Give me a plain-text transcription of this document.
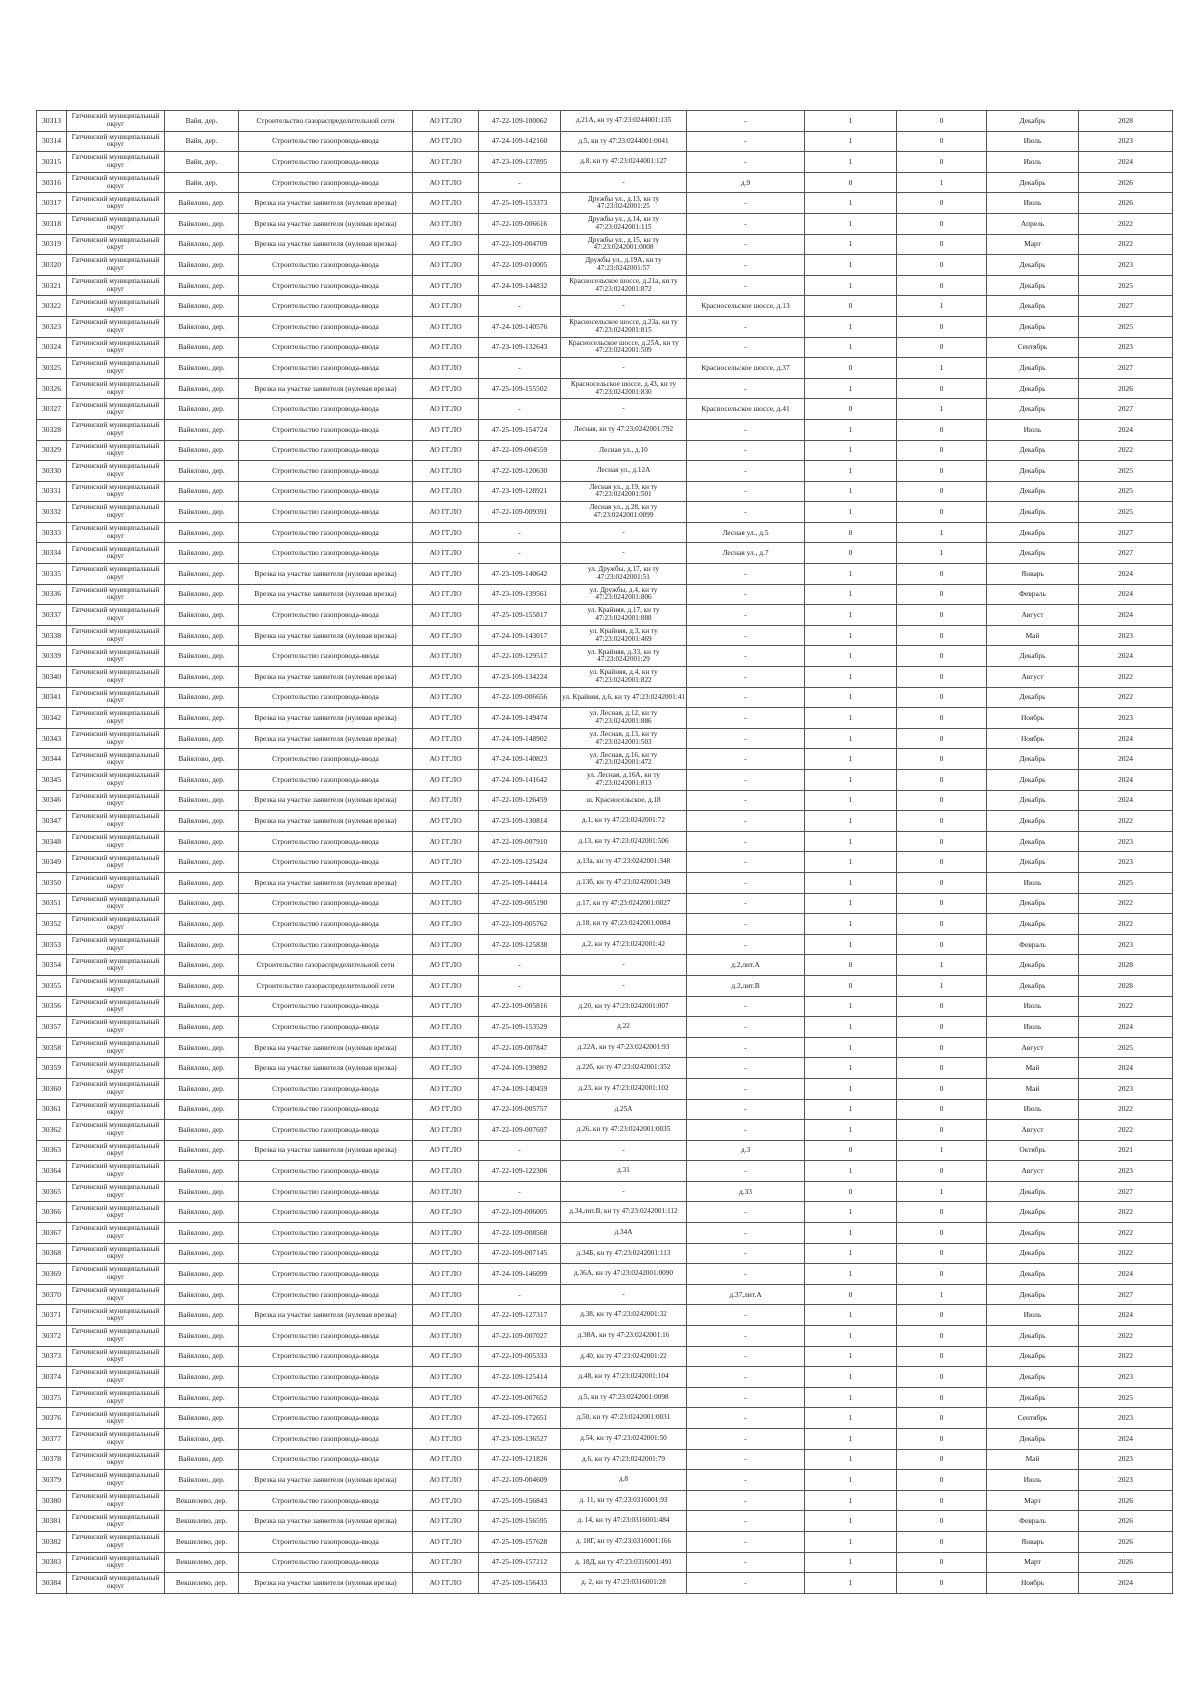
30313	Гатчинский муниципальный округ	Вайя, дер.	Строительство газораспределительной сети	АО ГГ.ЛО	47-22-109-100062	д.21А, кн ту 47:23:0244001:135	-	1	0	Декабрь	2028
30314	Гатчинский муниципальный округ	Вайя, дер.	Строительство газопровода-ввода	АО ГГ.ЛО	47-24-109-142160	д.5, кн ту 47:23:0244001:0041	-	1	0	Июль	2023
30315	Гатчинский муниципальный округ	Вайя, дер.	Строительство газопровода-ввода	АО ГГ.ЛО	47-23-109-137895	д.8, кн ту 47:23:0244001:127	-	1	0	Июль	2024
30316	Гатчинский муниципальный округ	Вайя, дер.	Строительство газопровода-ввода	АО ГГ.ЛО	-	-	д.9	0	1	Декабрь	2026
30317	Гатчинский муниципальный округ	Вайялово, дер.	Врезка на участке заявителя (нулевая врезка)	АО ГГ.ЛО	47-25-109-153373	Дружбы ул., д.13, кн ту 47:23:0242001:25	-	1	0	Июль	2026
30318	Гатчинский муниципальный округ	Вайялово, дер.	Врезка на участке заявителя (нулевая врезка)	АО ГГ.ЛО	47-22-109-006616	Дружбы ул., д.14, кн ту 47:23:0242001:115	-	1	0	Апрель	2022
30319	Гатчинский муниципальный округ	Вайялово, дер.	Врезка на участке заявителя (нулевая врезка)	АО ГГ.ЛО	47-22-109-004709	Дружбы ул., д.15, кн ту 47:23:0242001:0008	-	1	0	Март	2022
30320	Гатчинский муниципальный округ	Вайялово, дер.	Строительство газопровода-ввода	АО ГГ.ЛО	47-22-109-010005	Дружбы ул., д.19А, кн ту 47:23:0242001:57	-	1	0	Декабрь	2023
30321	Гатчинский муниципальный округ	Вайялово, дер.	Строительство газопровода-ввода	АО ГГ.ЛО	47-24-109-144832	Красносельское шоссе, д.21а, кн ту 47:23:0242001:872	-	1	0	Декабрь	2025
30322	Гатчинский муниципальный округ	Вайялово, дер.	Строительство газопровода-ввода	АО ГГ.ЛО	-	-	Красносельское шоссе, д.13	0	1	Декабрь	2027
30323	Гатчинский муниципальный округ	Вайялово, дер.	Строительство газопровода-ввода	АО ГГ.ЛО	47-24-109-140576	Красносельское шоссе, д.23а, кн ту 47:23:0242001:815	-	1	0	Декабрь	2025
30324	Гатчинский муниципальный округ	Вайялово, дер.	Строительство газопровода-ввода	АО ГГ.ЛО	47-23-109-132643	Красносельское шоссе, д.25А, кн ту 47:23:0242001:509	-	1	0	Сентябрь	2023
30325	Гатчинский муниципальный округ	Вайялово, дер.	Строительство газопровода-ввода	АО ГГ.ЛО	-	-	Красносельское шоссе, д.37	0	1	Декабрь	2027
30326	Гатчинский муниципальный округ	Вайялово, дер.	Врезка на участке заявителя (нулевая врезка)	АО ГГ.ЛО	47-25-109-155502	Красносельское шоссе, д.43, кн ту 47:23:0242001:830	-	1	0	Декабрь	2026
30327	Гатчинский муниципальный округ	Вайялово, дер.	Строительство газопровода-ввода	АО ГГ.ЛО	-	-	Красносельское шоссе, д.41	0	1	Декабрь	2027
30328	Гатчинский муниципальный округ	Вайялово, дер.	Строительство газопровода-ввода	АО ГГ.ЛО	47-25-109-154724	Лесная, кн ту 47:23:0242001:792	-	1	0	Июль	2024
30329	Гатчинский муниципальный округ	Вайялово, дер.	Строительство газопровода-ввода	АО ГГ.ЛО	47-22-109-004559	Лесная ул., д.10	-	1	0	Декабрь	2022
30330	Гатчинский муниципальный округ	Вайялово, дер.	Строительство газопровода-ввода	АО ГГ.ЛО	47-22-109-120630	Лесная ул., д.12А	-	1	0	Декабрь	2025
30331	Гатчинский муниципальный округ	Вайялово, дер.	Строительство газопровода-ввода	АО ГГ.ЛО	47-23-109-128921	Лесная ул., д.19, кн ту 47:23:0242001:501	-	1	0	Декабрь	2025
30332	Гатчинский муниципальный округ	Вайялово, дер.	Строительство газопровода-ввода	АО ГГ.ЛО	47-22-109-009391	Лесная ул., д.28, кн ту 47:23:0242001:0099	-	1	0	Декабрь	2025
30333	Гатчинский муниципальный округ	Вайялово, дер.	Строительство газопровода-ввода	АО ГГ.ЛО	-	-	Лесная ул., д.5	0	1	Декабрь	2027
30334	Гатчинский муниципальный округ	Вайялово, дер.	Строительство газопровода-ввода	АО ГГ.ЛО	-	-	Лесная ул., д.7	0	1	Декабрь	2027
30335	Гатчинский муниципальный округ	Вайялово, дер.	Врезка на участке заявителя (нулевая врезка)	АО ГГ.ЛО	47-23-109-140642	ул. Дружбы, д.17, кн ту 47:23:0242001:51	-	1	0	Январь	2024
30336	Гатчинский муниципальный округ	Вайялово, дер.	Врезка на участке заявителя (нулевая врезка)	АО ГГ.ЛО	47-23-109-139561	ул. Дружбы, д.4, кн ту 47:23:0242001:806	-	1	0	Февраль	2024
30337	Гатчинский муниципальный округ	Вайялово, дер.	Строительство газопровода-ввода	АО ГГ.ЛО	47-25-109-155817	ул. Крайняя, д.17, кн ту 47:23:0242001:888	-	1	0	Август	2024
30338	Гатчинский муниципальный округ	Вайялово, дер.	Врезка на участке заявителя (нулевая врезка)	АО ГГ.ЛО	47-24-109-143017	ул. Крайняя, д.3, кн ту 47:23:0242001:469	-	1	0	Май	2023
30339	Гатчинский муниципальный округ	Вайялово, дер.	Строительство газопровода-ввода	АО ГГ.ЛО	47-22-109-129517	ул. Крайняя, д.33, кн ту 47:23:0242001:29	-	1	0	Декабрь	2024
30340	Гатчинский муниципальный округ	Вайялово, дер.	Врезка на участке заявителя (нулевая врезка)	АО ГГ.ЛО	47-23-109-134224	ул. Крайняя, д.4, кн ту 47:23:0242001:822	-	1	0	Август	2022
30341	Гатчинский муниципальный округ	Вайялово, дер.	Строительство газопровода-ввода	АО ГГ.ЛО	47-22-109-006656	ул. Крайняя, д.6, кн ту 47:23:0242001:41	-	1	0	Декабрь	2022
30342	Гатчинский муниципальный округ	Вайялово, дер.	Врезка на участке заявителя (нулевая врезка)	АО ГГ.ЛО	47-24-109-149474	ул. Лесная, д.12, кн ту 47:23:0242001:886	-	1	0	Ноябрь	2023
30343	Гатчинский муниципальный округ	Вайялово, дер.	Врезка на участке заявителя (нулевая врезка)	АО ГГ.ЛО	47-24-109-148902	ул. Лесная, д.13, кн ту 47:23:0242001:503	-	1	0	Ноябрь	2024
30344	Гатчинский муниципальный округ	Вайялово, дер.	Строительство газопровода-ввода	АО ГГ.ЛО	47-24-109-140823	ул. Лесная, д.16, кн ту 47:23:0242001:472	-	1	0	Декабрь	2024
30345	Гатчинский муниципальный округ	Вайялово, дер.	Строительство газопровода-ввода	АО ГГ.ЛО	47-24-109-141642	ул. Лесная, д.16А, кн ту 47:23:0242001:813	-	1	0	Декабрь	2024
30346	Гатчинский муниципальный округ	Вайялово, дер.	Врезка на участке заявителя (нулевая врезка)	АО ГГ.ЛО	47-22-109-126459	ш. Красносельское, д.18	-	1	0	Декабрь	2024
30347	Гатчинский муниципальный округ	Вайялово, дер.	Врезка на участке заявителя (нулевая врезка)	АО ГГ.ЛО	47-23-109-130814	д.1, кн ту 47:23:0242001:72	-	1	0	Декабрь	2022
30348	Гатчинский муниципальный округ	Вайялово, дер.	Строительство газопровода-ввода	АО ГГ.ЛО	47-22-109-007910	д.13, кн ту 47:23:0242001:506	-	1	0	Декабрь	2023
30349	Гатчинский муниципальный округ	Вайялово, дер.	Строительство газопровода-ввода	АО ГГ.ЛО	47-22-109-125424	д.13а, кн ту 47:23:0242001:348	-	1	0	Декабрь	2023
30350	Гатчинский муниципальный округ	Вайялово, дер.	Врезка на участке заявителя (нулевая врезка)	АО ГГ.ЛО	47-25-109-144414	д.13б, кн ту 47:23:0242001:349	-	1	0	Июль	2025
30351	Гатчинский муниципальный округ	Вайялово, дер.	Строительство газопровода-ввода	АО ГГ.ЛО	47-22-109-005190	д.17, кн ту 47:23:0242001:0027	-	1	0	Декабрь	2022
30352	Гатчинский муниципальный округ	Вайялово, дер.	Строительство газопровода-ввода	АО ГГ.ЛО	47-22-109-005762	д.18, кн ту 47:23:0242001:0084	-	1	0	Декабрь	2022
30353	Гатчинский муниципальный округ	Вайялово, дер.	Строительство газопровода-ввода	АО ГГ.ЛО	47-22-109-125838	д.2, кн ту 47:23:0242001:42	-	1	0	Февраль	2023
30354	Гатчинский муниципальный округ	Вайялово, дер.	Строительство газораспределительной сети	АО ГГ.ЛО	-	-	д.2,лит.А	0	1	Декабрь	2028
30355	Гатчинский муниципальный округ	Вайялово, дер.	Строительство газораспределительной сети	АО ГГ.ЛО	-	-	д.2,лит.В	0	1	Декабрь	2028
30356	Гатчинский муниципальный округ	Вайялово, дер.	Строительство газопровода-ввода	АО ГГ.ЛО	47-22-109-005816	д.20, кн ту 47:23:0242001:007	-	1	0	Июль	2022
30357	Гатчинский муниципальный округ	Вайялово, дер.	Строительство газопровода-ввода	АО ГГ.ЛО	47-25-109-153529	д.22	-	1	0	Июль	2024
30358	Гатчинский муниципальный округ	Вайялово, дер.	Врезка на участке заявителя (нулевая врезка)	АО ГГ.ЛО	47-22-109-007847	д.22А, кн ту 47:23:0242001:93	-	1	0	Август	2025
30359	Гатчинский муниципальный округ	Вайялово, дер.	Врезка на участке заявителя (нулевая врезка)	АО ГГ.ЛО	47-24-109-139892	д.22б, кн ту 47:23:0242001:352	-	1	0	Май	2024
30360	Гатчинский муниципальный округ	Вайялово, дер.	Строительство газопровода-ввода	АО ГГ.ЛО	47-24-109-140459	д.23, кн ту 47:23:0242001:102	-	1	0	Май	2023
30361	Гатчинский муниципальный округ	Вайялово, дер.	Строительство газопровода-ввода	АО ГГ.ЛО	47-22-109-005757	д.25А	-	1	0	Июль	2022
30362	Гатчинский муниципальный округ	Вайялово, дер.	Строительство газопровода-ввода	АО ГГ.ЛО	47-22-109-007697	д.26, кн ту 47:23:0242001:0035	-	1	0	Август	2022
30363	Гатчинский муниципальный округ	Вайялово, дер.	Врезка на участке заявителя (нулевая врезка)	АО ГГ.ЛО	-	-	д.3	0	1	Октябрь	2021
30364	Гатчинский муниципальный округ	Вайялово, дер.	Строительство газопровода-ввода	АО ГГ.ЛО	47-22-109-122306	д.31	-	1	0	Август	2023
30365	Гатчинский муниципальный округ	Вайялово, дер.	Строительство газопровода-ввода	АО ГГ.ЛО	-	-	д.33	0	1	Декабрь	2027
30366	Гатчинский муниципальный округ	Вайялово, дер.	Строительство газопровода-ввода	АО ГГ.ЛО	47-22-109-006005	д.34,лит.В, кн ту 47:23:0242001:112	-	1	0	Декабрь	2022
30367	Гатчинский муниципальный округ	Вайялово, дер.	Строительство газопровода-ввода	АО ГГ.ЛО	47-22-109-008568	д.34А	-	1	0	Декабрь	2022
30368	Гатчинский муниципальный округ	Вайялово, дер.	Строительство газопровода-ввода	АО ГГ.ЛО	47-22-109-007145	д.34Б, кн ту 47:23:0242001:113	-	1	0	Декабрь	2022
30369	Гатчинский муниципальный округ	Вайялово, дер.	Строительство газопровода-ввода	АО ГГ.ЛО	47-24-109-146099	д.36А, кн ту 47:23:0242001:0090	-	1	0	Декабрь	2024
30370	Гатчинский муниципальный округ	Вайялово, дер.	Строительство газопровода-ввода	АО ГГ.ЛО	-	-	д.37,лит.А	0	1	Декабрь	2027
30371	Гатчинский муниципальный округ	Вайялово, дер.	Врезка на участке заявителя (нулевая врезка)	АО ГГ.ЛО	47-22-109-127317	д.38, кн ту 47:23:0242001:32	-	1	0	Июль	2024
30372	Гатчинский муниципальный округ	Вайялово, дер.	Строительство газопровода-ввода	АО ГГ.ЛО	47-22-109-007027	д.38А, кн ту 47:23:0242001:16	-	1	0	Декабрь	2022
30373	Гатчинский муниципальный округ	Вайялово, дер.	Строительство газопровода-ввода	АО ГГ.ЛО	47-22-109-005333	д.40, кн ту 47:23:0242001:22	-	1	0	Декабрь	2022
30374	Гатчинский муниципальный округ	Вайялово, дер.	Строительство газопровода-ввода	АО ГГ.ЛО	47-22-109-125414	д.48, кн ту 47:23:0242001:104	-	1	0	Декабрь	2023
30375	Гатчинский муниципальный округ	Вайялово, дер.	Строительство газопровода-ввода	АО ГГ.ЛО	47-22-109-007652	д.5, кн ту 47:23:0242001:0098	-	1	0	Декабрь	2025
30376	Гатчинский муниципальный округ	Вайялово, дер.	Строительство газопровода-ввода	АО ГГ.ЛО	47-22-109-172651	д.50, кн ту 47:23:0242001:0031	-	1	0	Сентябрь	2023
30377	Гатчинский муниципальный округ	Вайялово, дер.	Строительство газопровода-ввода	АО ГГ.ЛО	47-23-109-136527	д.54, кн ту 47:23:0242001:50	-	1	0	Декабрь	2024
30378	Гатчинский муниципальный округ	Вайялово, дер.	Строительство газопровода-ввода	АО ГГ.ЛО	47-22-109-121826	д.6, кн ту 47:23:0242001:79	-	1	0	Май	2023
30379	Гатчинский муниципальный округ	Вайялово, дер.	Врезка на участке заявителя (нулевая врезка)	АО ГГ.ЛО	47-22-109-004609	д.8	-	1	0	Июль	2023
30380	Гатчинский муниципальный округ	Векшелево, дер.	Строительство газопровода-ввода	АО ГГ.ЛО	47-25-109-156843	д. 11, кн ту 47:23:0316001:93	-	1	0	Март	2026
30381	Гатчинский муниципальный округ	Векшелево, дер.	Врезка на участке заявителя (нулевая врезка)	АО ГГ.ЛО	47-25-109-156595	д. 14, кн ту 47:23:0316001:484	-	1	0	Февраль	2026
30382	Гатчинский муниципальный округ	Векшелево, дер.	Строительство газопровода-ввода	АО ГГ.ЛО	47-25-109-157628	д. 18Г, кн ту 47:23:0316001:166	-	1	0	Январь	2026
30383	Гатчинский муниципальный округ	Векшелево, дер.	Строительство газопровода-ввода	АО ГГ.ЛО	47-25-109-157212	д. 18Д, кн ту 47:23:0316001:491	-	1	0	Март	2026
30384	Гатчинский муниципальный округ	Векшелево, дер.	Врезка на участке заявителя (нулевая врезка)	АО ГГ.ЛО	47-25-109-156433	д. 2, кн ту 47:23:0316001:28	-	1	0	Ноябрь	2024
